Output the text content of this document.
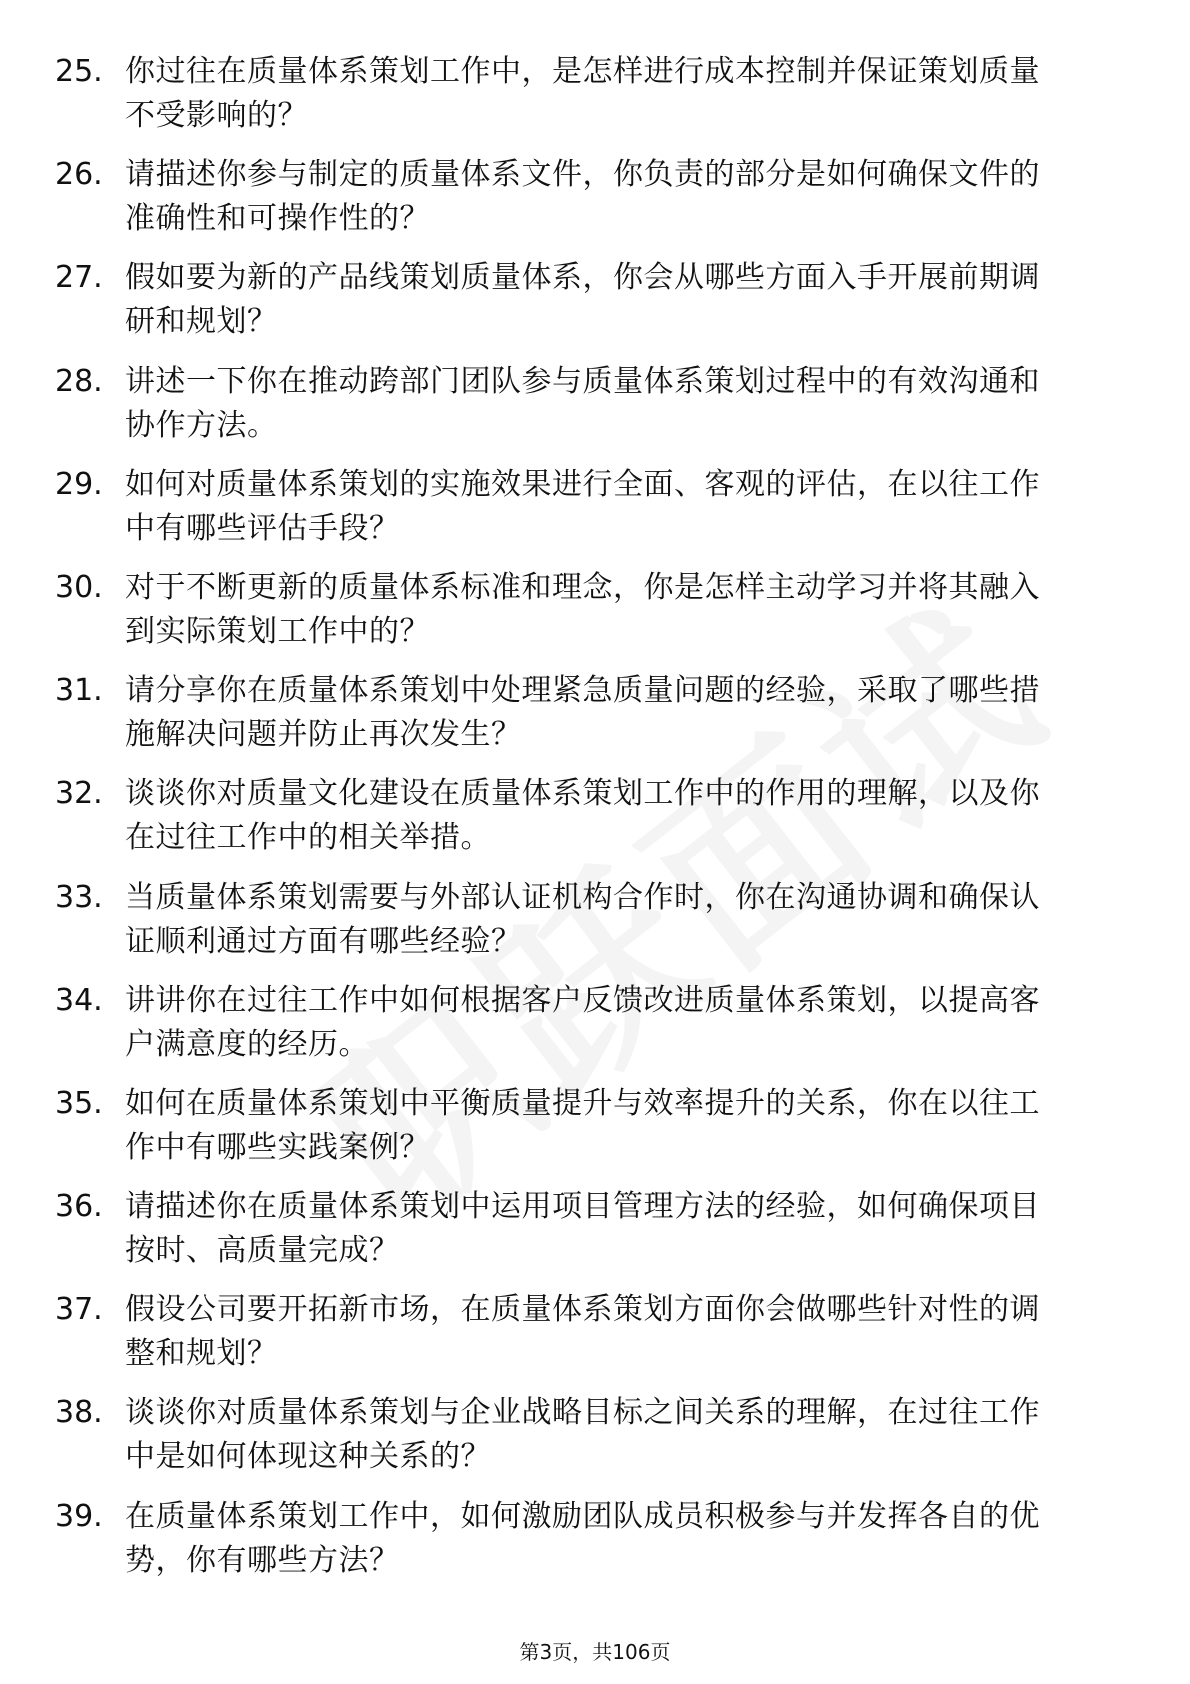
25. 你过往在质量体系策划工作中，是怎样进行成本控制并保证策划质量不受影响的？
26. 请描述你参与制定的质量体系文件，你负责的部分是如何确保文件的准确性和可操作性的？
27. 假如要为新的产品线策划质量体系，你会从哪些方面入手开展前期调研和规划？
28. 讲述一下你在推动跨部门团队参与质量体系策划过程中的有效沟通和协作方法。
29. 如何对质量体系策划的实施效果进行全面、客观的评估，在以往工作中有哪些评估手段？
30. 对于不断更新的质量体系标准和理念，你是怎样主动学习并将其融入到实际策划工作中的？
31. 请分享你在质量体系策划中处理紧急质量问题的经验，采取了哪些措施解决问题并防止再次发生？
32. 谈谈你对质量文化建设在质量体系策划工作中的作用的理解，以及你在过往工作中的相关举措。
33. 当质量体系策划需要与外部认证机构合作时，你在沟通协调和确保认证顺利通过方面有哪些经验？
34. 讲讲你在过往工作中如何根据客户反馈改进质量体系策划，以提高客户满意度的经历。
35. 如何在质量体系策划中平衡质量提升与效率提升的关系，你在以往工作中有哪些实践案例？
36. 请描述你在质量体系策划中运用项目管理方法的经验，如何确保项目按时、高质量完成？
37. 假设公司要开拓新市场，在质量体系策划方面你会做哪些针对性的调整和规划？
38. 谈谈你对质量体系策划与企业战略目标之间关系的理解，在过往工作中是如何体现这种关系的？
39. 在质量体系策划工作中，如何激励团队成员积极参与并发挥各自的优势，你有哪些方法？
第3页，共106页
